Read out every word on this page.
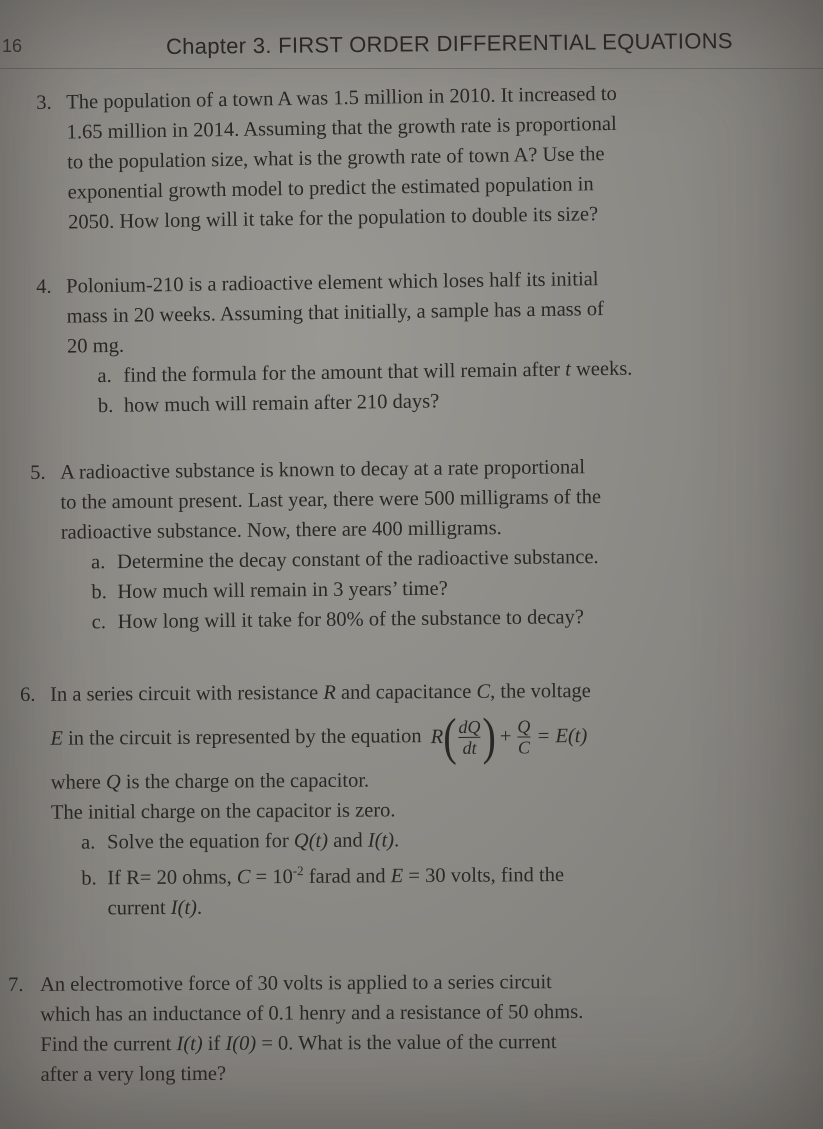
16	Chapter 3. FIRST ORDER DIFFERENTIAL EQUATIONS
3. The population of a town A was 1.5 million in 2010. It increased to
1.65 million in 2014. Assuming that the growth rate is proportional
to the population size, what is the growth rate of town A? Use the
exponential growth model to predict the estimated population in
2050. How long will it take for the population to double its size?
4. Polonium-210 is a radioactive element which loses half its initial
mass in 20 weeks. Assuming that initially, a sample has a mass of
20 mg.
a. find the formula for the amount that will remain after t weeks.
b. how much will remain after 210 days?
5. A radioactive substance is known to decay at a rate proportional
to the amount present. Last year, there were 500 milligrams of the
radioactive substance. Now, there are 400 milligrams.
a. Determine the decay constant of the radioactive substance.
b. How much will remain in 3 years’ time?
c. How long will it take for 80% of the substance to decay?
6. In a series circuit with resistance R and capacitance C, the voltage
E in the circuit is represented by the equation R ( $\frac{dQ}{dt}$ ) + $\frac{Q}{C} = E(t)$
where Q is the charge on the capacitor.
The initial charge on the capacitor is zero.
a. Solve the equation for Q(t) and I(t).
b. If R= 20 ohms, $C = 10^{-2}$ farad and E = 30 volts, find the
current I(t).
7. An electromotive force of 30 volts is applied to a series circuit
which has an inductance of 0.1 henry and a resistance of 50 ohms.
Find the current I(t) if I(0) = 0. What is the value of the current
after a very long time?
